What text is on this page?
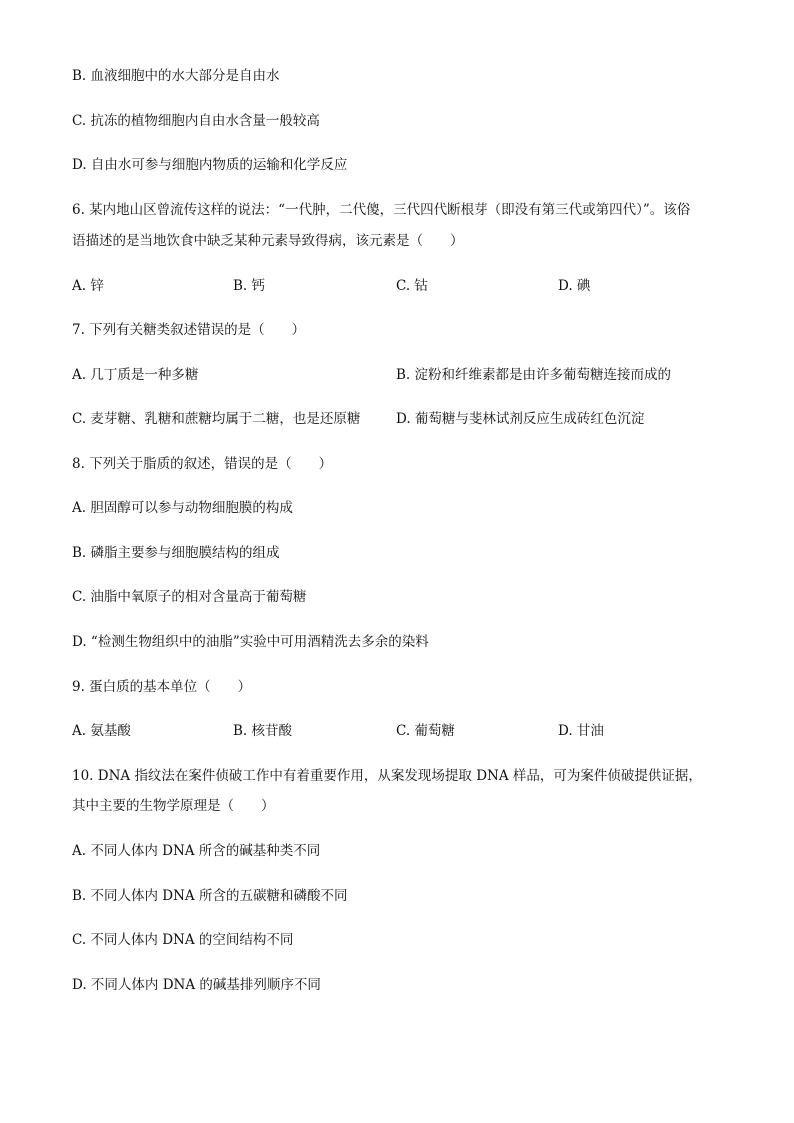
B. 血液细胞中的水大部分是自由水
C. 抗冻的植物细胞内自由水含量一般较高
D. 自由水可参与细胞内物质的运输和化学反应
6. 某内地山区曾流传这样的说法：“一代肿，二代傻，三代四代断根芽（即没有第三代或第四代）”。该俗
语描述的是当地饮食中缺乏某种元素导致得病，该元素是（　　）
A. 锌	B. 钙	C. 钴	D. 碘
7. 下列有关糖类叙述错误的是（　　）
A. 几丁质是一种多糖	B. 淀粉和纤维素都是由许多葡萄糖连接而成的
C. 麦芽糖、乳糖和蔗糖均属于二糖，也是还原糖	D. 葡萄糖与斐林试剂反应生成砖红色沉淀
8. 下列关于脂质的叙述，错误的是（　　）
A. 胆固醇可以参与动物细胞膜的构成
B. 磷脂主要参与细胞膜结构的组成
C. 油脂中氧原子的相对含量高于葡萄糖
D. “检测生物组织中的油脂”实验中可用酒精洗去多余的染料
9. 蛋白质的基本单位（　　）
A. 氨基酸	B. 核苷酸	C. 葡萄糖	D. 甘油
10. DNA 指纹法在案件侦破工作中有着重要作用，从案发现场提取 DNA 样品，可为案件侦破提供证据，
其中主要的生物学原理是（　　）
A. 不同人体内 DNA 所含的碱基种类不同
B. 不同人体内 DNA 所含的五碳糖和磷酸不同
C. 不同人体内 DNA 的空间结构不同
D. 不同人体内 DNA 的碱基排列顺序不同
